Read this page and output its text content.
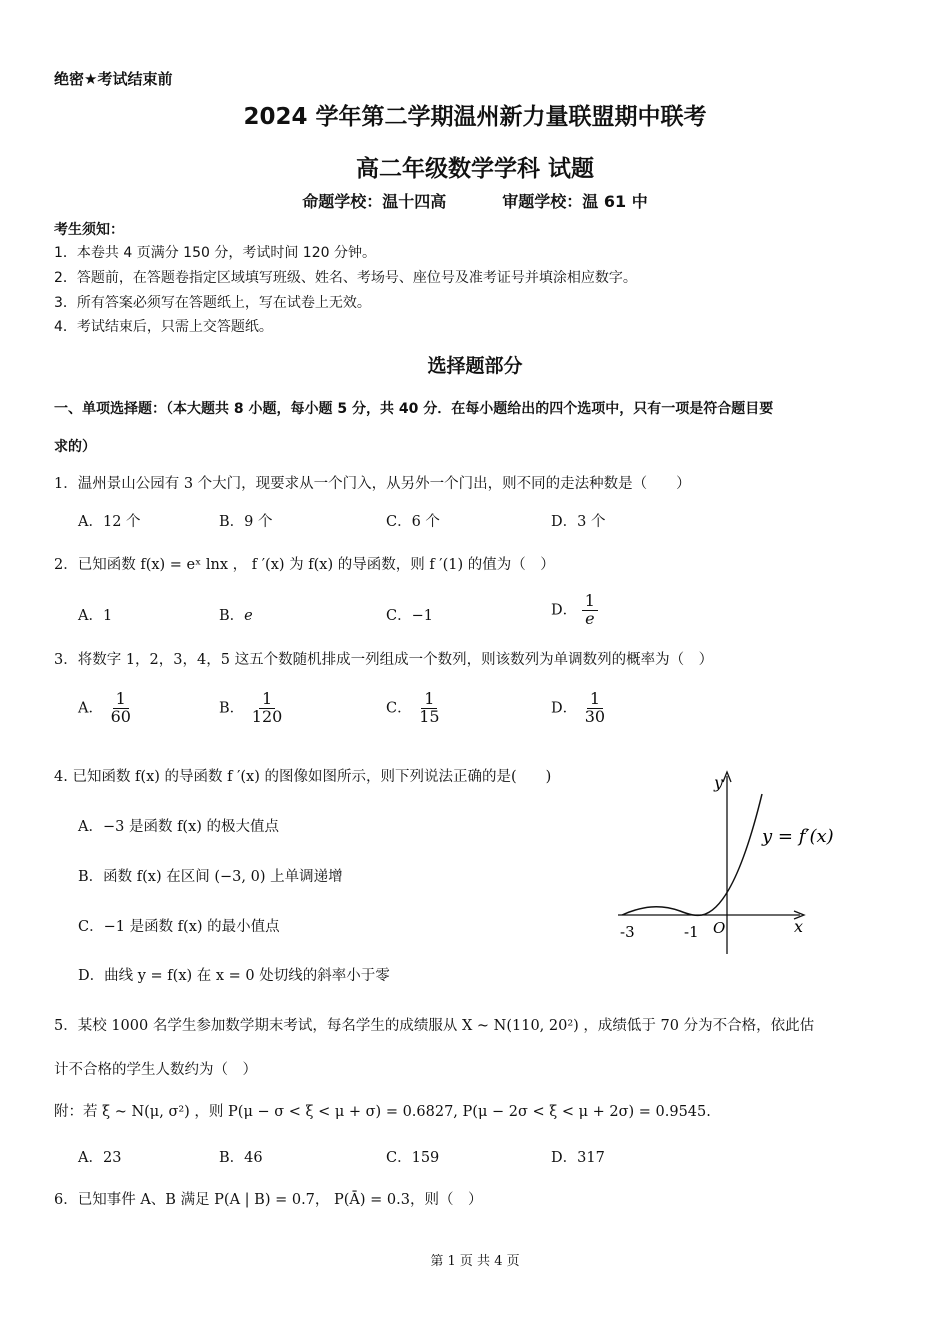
绝密★考试结束前
2024 学年第二学期温州新力量联盟期中联考
高二年级数学学科 试题
命题学校：温十四高	审题学校：温 61 中
考生须知：
1．本卷共 4 页满分 150 分，考试时间 120 分钟。
2．答题前，在答题卷指定区域填写班级、姓名、考场号、座位号及准考证号并填涂相应数字。
3．所有答案必须写在答题纸上，写在试卷上无效。
4．考试结束后，只需上交答题纸。
选择题部分
一、单项选择题：（本大题共 8 小题，每小题 5 分，共 40 分．在每小题给出的四个选项中，只有一项是符合题目要
求的）
1．温州景山公园有 3 个大门，现要求从一个门入，从另外一个门出，则不同的走法种数是（　　）
A．12 个	B．9 个	C．6 个	D．3 个
2．已知函数 f(x) = eˣ lnx ， f ′(x) 为 f(x) 的导函数，则 f ′(1) 的值为（　）
A．1	B．e	C．−1	D． $\frac{1}{e}$
3．将数字 1，2，3，4，5 这五个数随机排成一列组成一个数列，则该数列为单调数列的概率为（　）
A． $\frac{1}{60}$	B． $\frac{1}{120}$	C． $\frac{1}{15}$	D． $\frac{1}{30}$
4. 已知函数 f(x) 的导函数 f ′(x) 的图像如图所示，则下列说法正确的是(　　)
A．−3 是函数 f(x) 的极大值点
B．函数 f(x) 在区间 (−3, 0) 上单调递增
C．−1 是函数 f(x) 的最小值点
D．曲线 y = f(x) 在 x = 0 处切线的斜率小于零
y = f′(x)
y
x
O
-3	-1
5．某校 1000 名学生参加数学期末考试，每名学生的成绩服从 X ~ N(110, 20²) ，成绩低于 70 分为不合格，依此估
计不合格的学生人数约为（　）
附：若 ξ ~ N(μ, σ²) ，则 P(μ − σ < ξ < μ + σ) = 0.6827, P(μ − 2σ < ξ < μ + 2σ) = 0.9545.
A．23	B．46	C．159	D．317
6．已知事件 A、B 满足 P(A | B) = 0.7， P(Ā) = 0.3，则（　）
第 1 页 共 4 页
